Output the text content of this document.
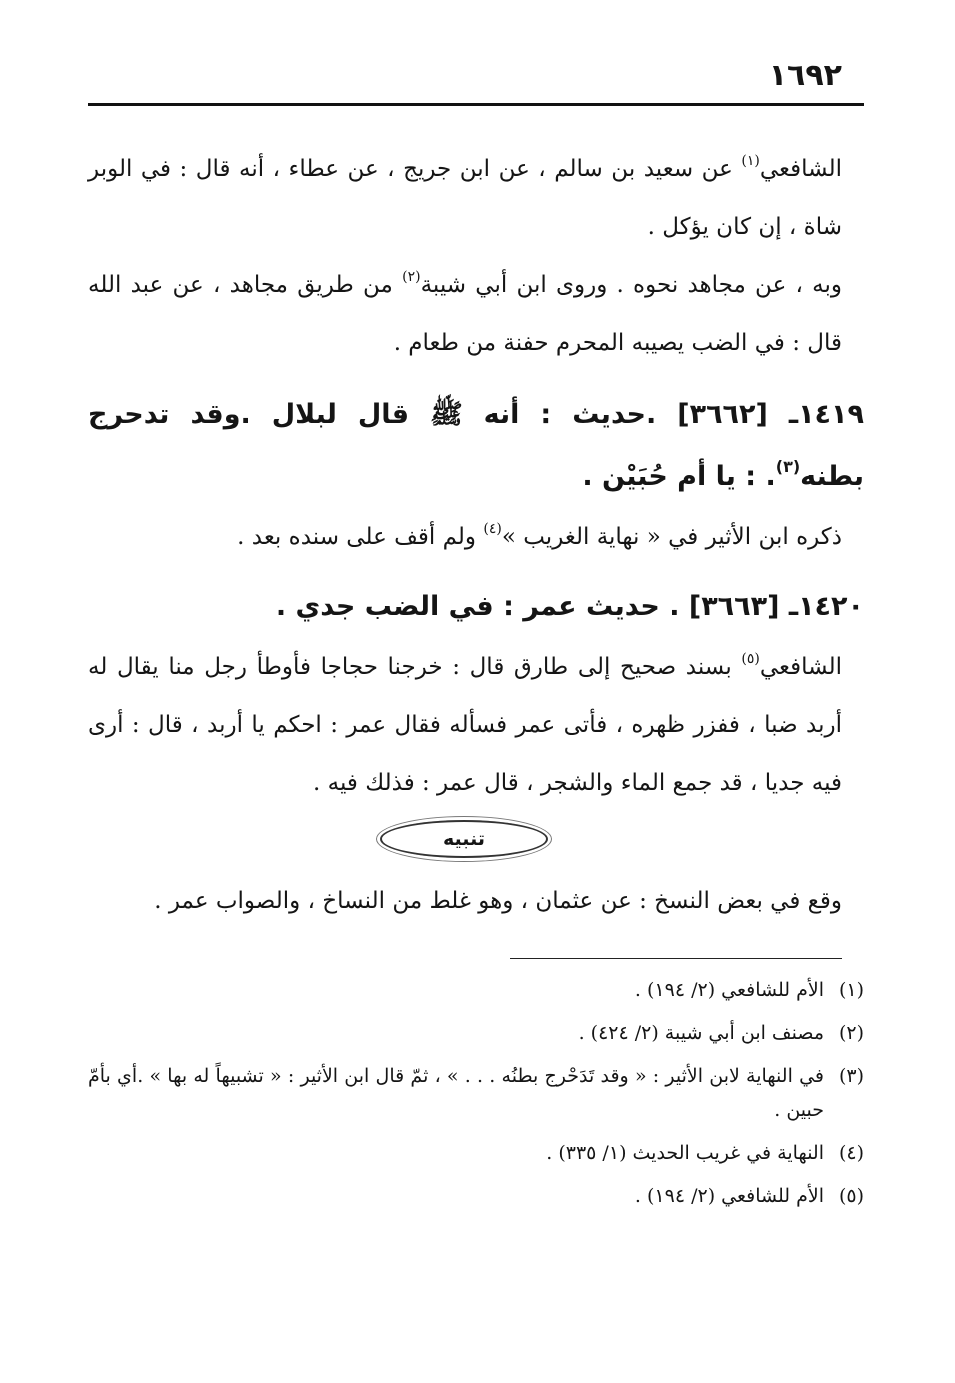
١٦٩٢

الشافعي$^{(١)}$ عن سعيد بن سالم ، عن ابن جريج ، عن عطاء ، أنه قال : في الوبر شاة ، إن كان يؤكل .

وبه ، عن مجاهد نحوه . وروى ابن أبي شيبة$^{(٢)}$ من طريق مجاهد ، عن عبد الله قال : في الضب يصيبه المحرم حفنة من طعام .

١٤١٩ـ [٣٦٦٢] .حديث : أنه ﷺ قال لبلال .وقد تدحرج بطنه$^{(٣)}$. : يا أم حُبَيْن .

ذكره ابن الأثير في « نهاية الغريب »$^{(٤)}$ ولم أقف على سنده بعد .

١٤٢٠ـ [٣٦٦٣] . حديث عمر : في الضب جدي .

الشافعي$^{(٥)}$ بسند صحيح إلى طارق قال : خرجنا حجاجا فأوطأ رجل منا يقال له أربد ضبا ، ففزر ظهره ، فأتى عمر فسأله فقال عمر : احكم يا أربد ، قال : أرى فيه جديا ، قد جمع الماء والشجر ، قال عمر : فذلك فيه .

تنبيه

وقع في بعض النسخ : عن عثمان ، وهو غلط من النساخ ، والصواب عمر .

(١)
الأم للشافعي (٢/ ١٩٤) .
(٢)
مصنف ابن أبي شيبة (٢/ ٤٢٤) .
(٣)
في النهاية لابن الأثير : « وقد تَدَحْرج بطنُه . . . » ، ثمّ قال ابن الأثير : « تشبيهاً له بها » .أي بأمّ حبين .
(٤)
النهاية في غريب الحديث (١/ ٣٣٥) .
(٥)
الأم للشافعي (٢/ ١٩٤) .
